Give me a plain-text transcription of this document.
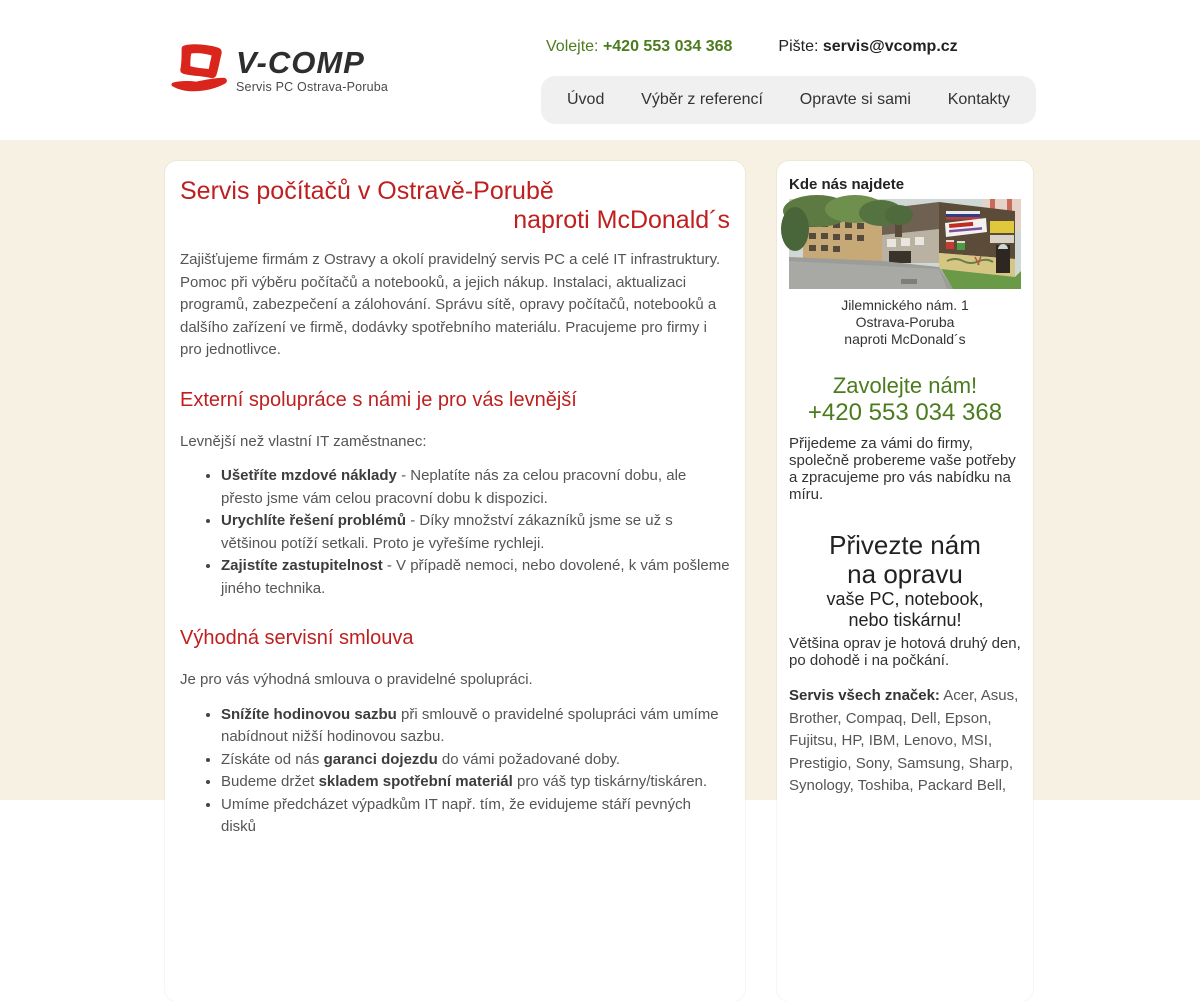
V-COMP
Servis PC Ostrava-Poruba
Volejte: +420 553 034 368	Pište: servis@vcomp.cz
Úvod Výběr z referencí Opravte si sami Kontakty
Servis počítačů v Ostravě-Porubě
naproti McDonald´s

Zajišťujeme firmám z Ostravy a okolí pravidelný servis PC a celé IT infrastruktury. Pomoc při výběru počítačů a notebooků, a jejich nákup. Instalaci, aktualizaci programů, zabezpečení a zálohování. Správu sítě, opravy počítačů, notebooků a dalšího zařízení ve firmě, dodávky spotřebního materiálu. Pracujeme pro firmy i pro jednotlivce.

Externí spolupráce s námi je pro vás levnější

Levnější než vlastní IT zaměstnanec:

• Ušetříte mzdové náklady - Neplatíte nás za celou pracovní dobu, ale přesto jsme vám celou pracovní dobu k dispozici.
• Urychlíte řešení problémů - Díky množství zákazníků jsme se už s většinou potíží setkali. Proto je vyřešíme rychleji.
• Zajistíte zastupitelnost - V případě nemoci, nebo dovolené, k vám pošleme jiného technika.
Výhodná servisní smlouva

Je pro vás výhodná smlouva o pravidelné spolupráci.

• Snížíte hodinovou sazbu při smlouvě o pravidelné spolupráci vám umíme nabídnout nižší hodinovou sazbu.
• Získáte od nás garanci dojezdu do vámi požadované doby.
• Budeme držet skladem spotřební materiál pro váš typ tiskárny/tiskáren.
• Umíme předcházet výpadkům IT např. tím, že evidujeme stáří pevných disků
Kde nás najdete
Jilemnického nám. 1
Ostrava-Poruba
naproti McDonald´s
Zavolejte nám!
+420 553 034 368

Přijedeme za vámi do firmy, společně probereme vaše potřeby a zpracujeme pro vás nabídku na míru.

Přivezte nám
na opravu
vaše PC, notebook,
nebo tiskárnu!

Většina oprav je hotová druhý den, po dohodě i na počkání.

Servis všech značek: Acer, Asus, Brother, Compaq, Dell, Epson, Fujitsu, HP, IBM, Lenovo, MSI, Prestigio, Sony, Samsung, Sharp, Synology, Toshiba, Packard Bell,
